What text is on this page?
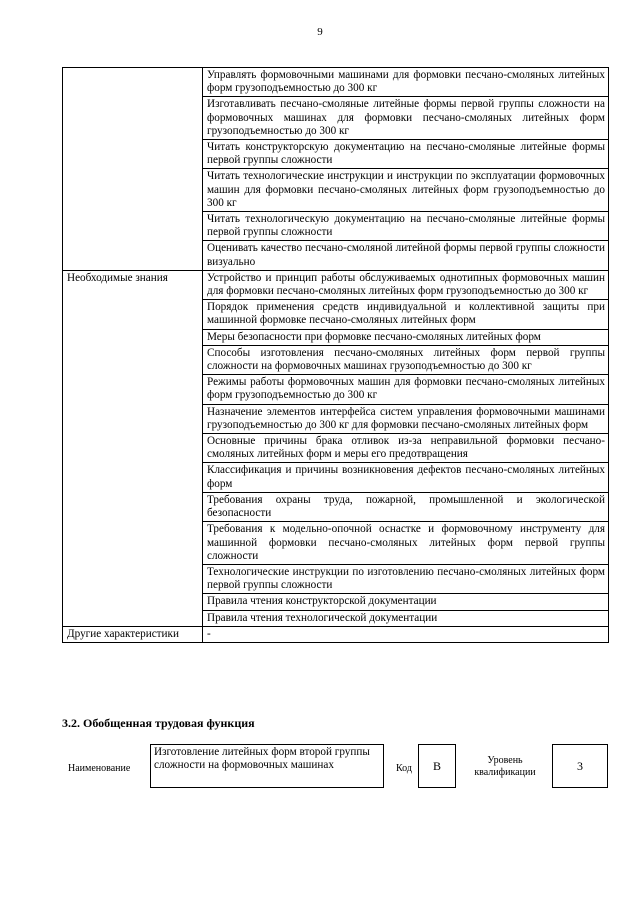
9
	Управлять формовочными машинами для формовки песчано-смоляных литейных форм грузоподъемностью до 300 кг
	Изготавливать песчано-смоляные литейные формы первой группы сложности на формовочных машинах для формовки песчано-смоляных литейных форм грузоподъемностью до 300 кг
	Читать конструкторскую документацию на песчано-смоляные литейные формы первой группы сложности
	Читать технологические инструкции и инструкции по эксплуатации формовочных машин для формовки песчано-смоляных литейных форм грузоподъемностью до 300 кг
	Читать технологическую документацию на песчано-смоляные литейные формы первой группы сложности
	Оценивать качество песчано-смоляной литейной формы первой группы сложности визуально
Необходимые знания	Устройство и принцип работы обслуживаемых однотипных формовочных машин для формовки песчано-смоляных литейных форм грузоподъемностью до 300 кг
	Порядок применения средств индивидуальной и коллективной защиты при машинной формовке песчано-смоляных литейных форм
	Меры безопасности при формовке песчано-смоляных литейных форм
	Способы изготовления песчано-смоляных литейных форм первой группы сложности на формовочных машинах грузоподъемностью до 300 кг
	Режимы работы формовочных машин для формовки песчано-смоляных литейных форм грузоподъемностью до 300 кг
	Назначение элементов интерфейса систем управления формовочными машинами грузоподъемностью до 300 кг для формовки песчано-смоляных литейных форм
	Основные причины брака отливок из-за неправильной формовки песчано-смоляных литейных форм и меры его предотвращения
	Классификация и причины возникновения дефектов песчано-смоляных литейных форм
	Требования охраны труда, пожарной, промышленной и экологической безопасности
	Требования к модельно-опочной оснастке и формовочному инструменту для машинной формовки песчано-смоляных литейных форм первой группы сложности
	Технологические инструкции по изготовлению песчано-смоляных литейных форм первой группы сложности
	Правила чтения конструкторской документации
	Правила чтения технологической документации
Другие характеристики	-
3.2. Обобщенная трудовая функция
Наименование
Изготовление литейных форм второй группы сложности на формовочных машинах	Код	B	Уровень квалификации	3
